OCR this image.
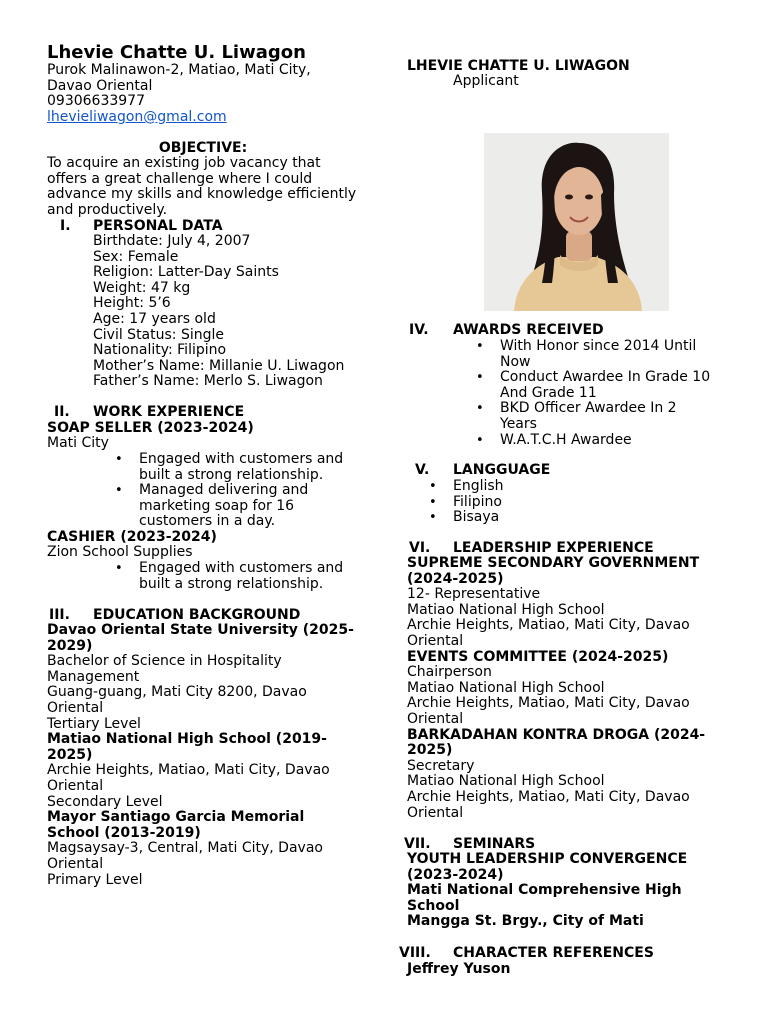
Lhevie Chatte U. Liwagon
Purok Malinawon-2, Matiao, Mati City,
Davao Oriental
09306633977
lhevieliwagon@gmal.com
OBJECTIVE:
To acquire an existing job vacancy that
offers a great challenge where I could
advance my skills and knowledge efficiently
and productively.
I. PERSONAL DATA
Birthdate: July 4, 2007
Sex: Female
Religion: Latter-Day Saints
Weight: 47 kg
Height: 5’6
Age: 17 years old
Civil Status: Single
Nationality: Filipino
Mother’s Name: Millanie U. Liwagon
Father’s Name: Merlo S. Liwagon
II. WORK EXPERIENCE
SOAP SELLER (2023-2024)
Mati City
• Engaged with customers and
built a strong relationship.
• Managed delivering and
marketing soap for 16
customers in a day.
CASHIER (2023-2024)
Zion School Supplies
• Engaged with customers and
built a strong relationship.
III. EDUCATION BACKGROUND
Davao Oriental State University (2025-
2029)
Bachelor of Science in Hospitality
Management
Guang-guang, Mati City 8200, Davao
Oriental
Tertiary Level
Matiao National High School (2019-
2025)
Archie Heights, Matiao, Mati City, Davao
Oriental
Secondary Level
Mayor Santiago Garcia Memorial
School (2013-2019)
Magsaysay-3, Central, Mati City, Davao
Oriental
Primary Level
LHEVIE CHATTE U. LIWAGON
Applicant
IV. AWARDS RECEIVED
• With Honor since 2014 Until
Now
• Conduct Awardee In Grade 10
And Grade 11
• BKD Officer Awardee In 2
Years
• W.A.T.C.H Awardee
V. LANGGUAGE
• English
• Filipino
• Bisaya
VI. LEADERSHIP EXPERIENCE
SUPREME SECONDARY GOVERNMENT
(2024-2025)
12- Representative
Matiao National High School
Archie Heights, Matiao, Mati City, Davao
Oriental
EVENTS COMMITTEE (2024-2025)
Chairperson
Matiao National High School
Archie Heights, Matiao, Mati City, Davao
Oriental
BARKADAHAN KONTRA DROGA (2024-
2025)
Secretary
Matiao National High School
Archie Heights, Matiao, Mati City, Davao
Oriental
VII. SEMINARS
YOUTH LEADERSHIP CONVERGENCE
(2023-2024)
Mati National Comprehensive High
School
Mangga St. Brgy., City of Mati
VIII. CHARACTER REFERENCES
Jeffrey Yuson
